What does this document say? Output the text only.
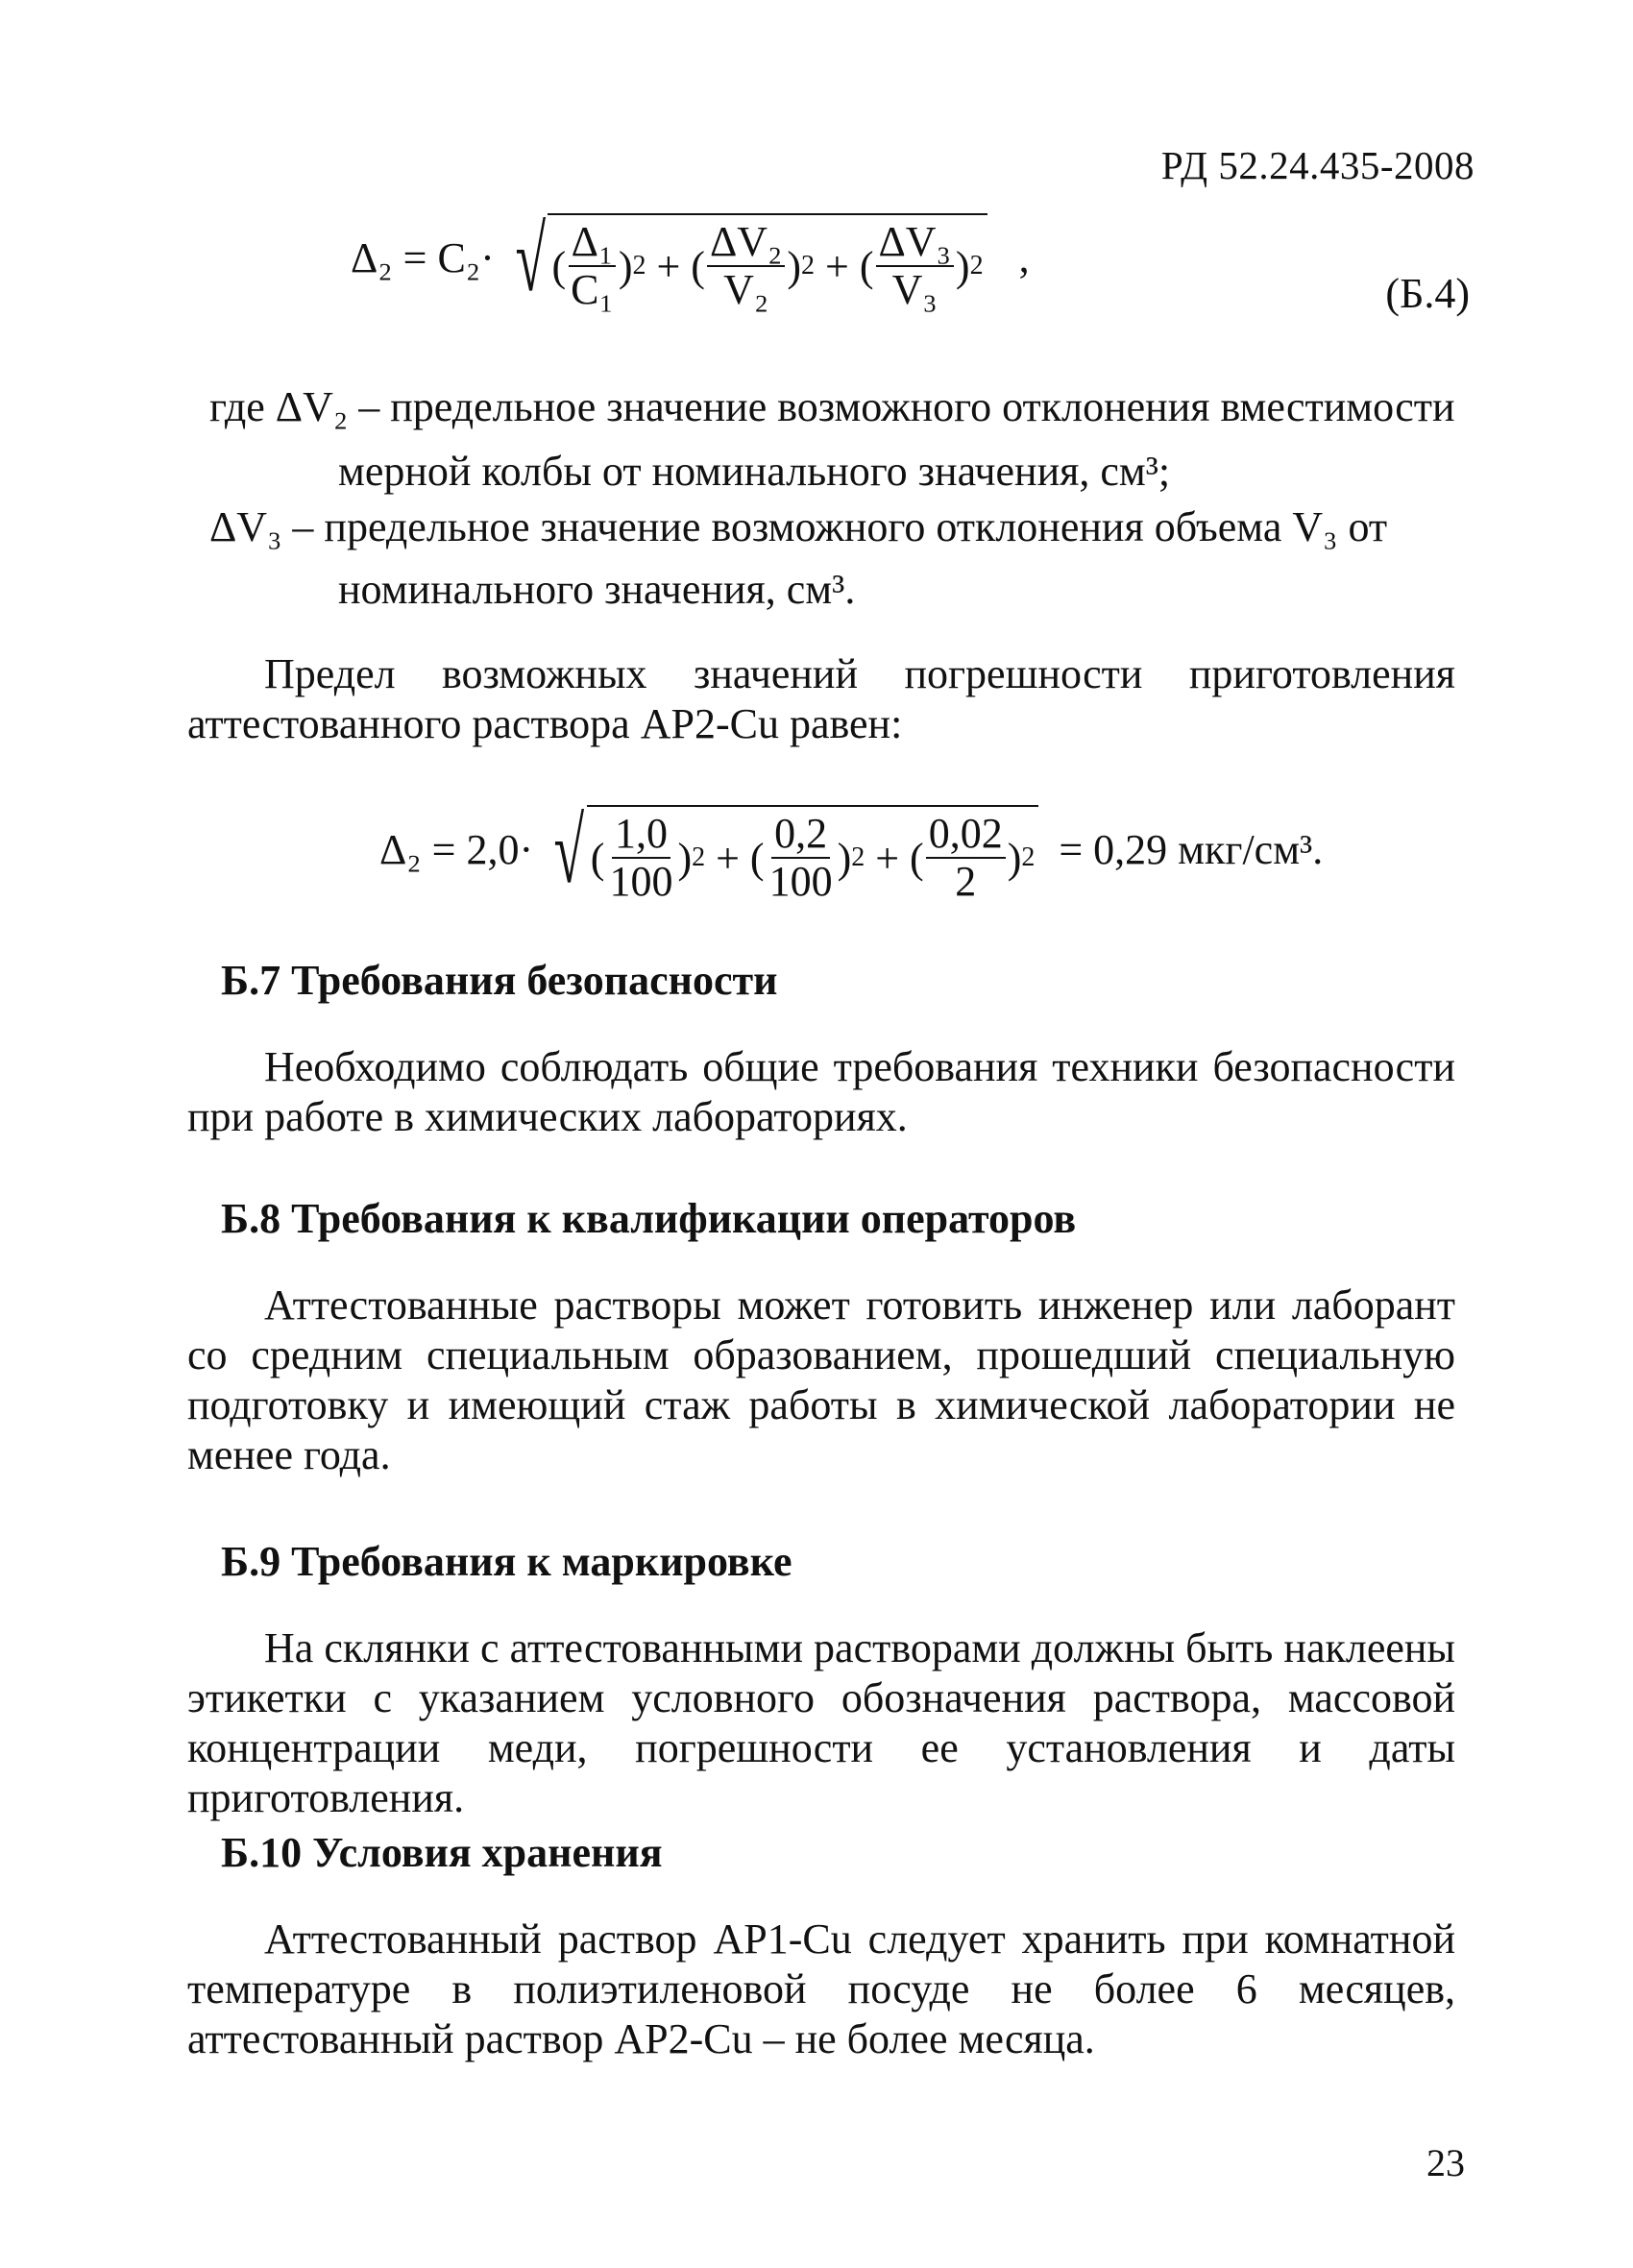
РД 52.24.435-2008
Δ₂ = C₂· √ ( $\frac{\text{Δ₁}}{\text{C₁}}$ ) 2 + ( $\frac{\text{ΔV₂}}{\text{V₂}}$ ) 2 + ( $\frac{\text{ΔV₃}}{\text{V₃}}$ ) 2 ,
(Б.4)
где ΔV₂ – предельное значение возможного отклонения вместимости
мерной колбы от номинального значения, см³;
ΔV₃ – предельное значение возможного отклонения объема V₃ от
номинального значения, см³.
Предел возможных значений погрешности приготовления аттестованного раствора АР2-Cu равен:
Δ₂ = 2,0· √ ( $\frac{1,0}{100}$ ) 2 + ( $\frac{0,2}{100}$ ) 2 + ( $\frac{0,02}{2}$ ) 2 = 0,29 мкг/см³.
Б.7 Требования безопасности
Необходимо соблюдать общие требования техники безопасности при работе в химических лабораториях.
Б.8 Требования к квалификации операторов
Аттестованные растворы может готовить инженер или лаборант со средним специальным образованием, прошедший специальную подготовку и имеющий стаж работы в химической лаборатории не менее года.
Б.9 Требования к маркировке
На склянки с аттестованными растворами должны быть наклеены этикетки с указанием условного обозначения раствора, массовой концентрации меди, погрешности ее установления и даты приготовления.
Б.10 Условия хранения
Аттестованный раствор АР1-Cu следует хранить при комнатной температуре в полиэтиленовой посуде не более 6 месяцев, аттестованный раствор АР2-Cu – не более месяца.
23
